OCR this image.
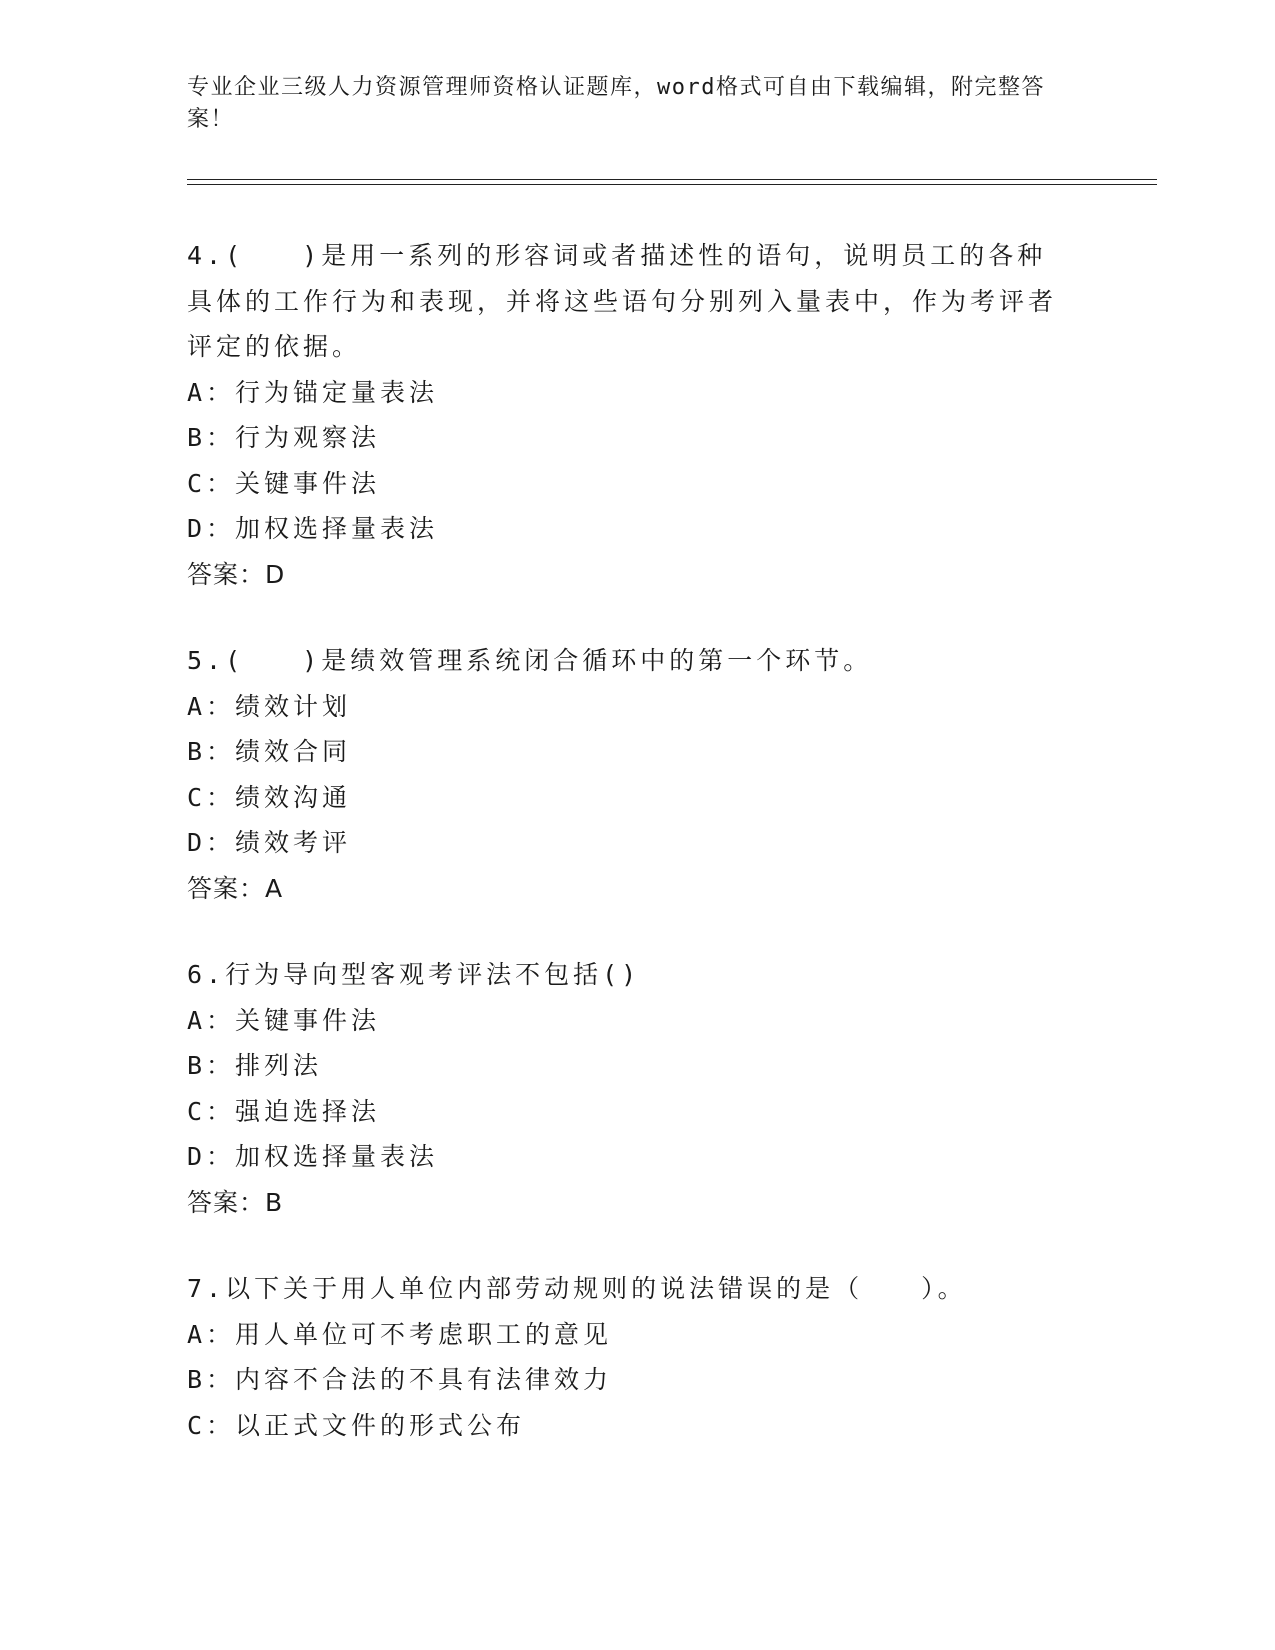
专业企业三级人力资源管理师资格认证题库，word格式可自由下载编辑，附完整答案！
4.(　　)是用一系列的形容词或者描述性的语句，说明员工的各种具体的工作行为和表现，并将这些语句分别列入量表中，作为考评者评定的依据。
A：行为锚定量表法
B：行为观察法
C：关键事件法
D：加权选择量表法
答案：D
5.(　　)是绩效管理系统闭合循环中的第一个环节。
A：绩效计划
B：绩效合同
C：绩效沟通
D：绩效考评
答案：A
6.行为导向型客观考评法不包括()
A：关键事件法
B：排列法
C：强迫选择法
D：加权选择量表法
答案：B
7.以下关于用人单位内部劳动规则的说法错误的是（　　）。
A：用人单位可不考虑职工的意见
B：内容不合法的不具有法律效力
C：以正式文件的形式公布
